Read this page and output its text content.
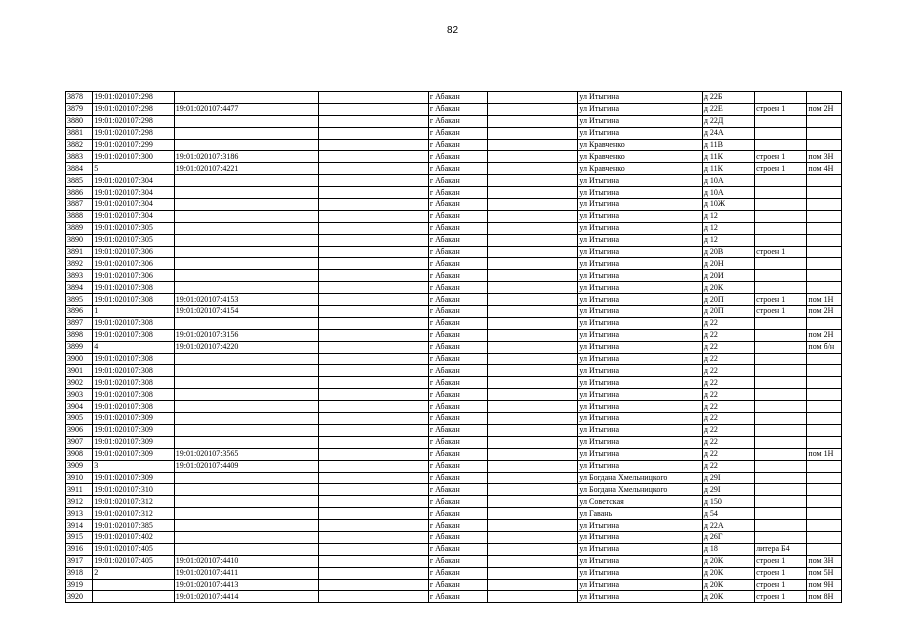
82
3878	19:01:020107:298			г Абакан		ул Итыгина	д 22Б		
3879	19:01:020107:298	19:01:020107:4477		г Абакан		ул Итыгина	д 22Е	строен 1	пом 2Н
3880	19:01:020107:298			г Абакан		ул Итыгина	д 22Д		
3881	19:01:020107:298			г Абакан		ул Итыгина	д 24А		
3882	19:01:020107:299			г Абакан		ул Кравченко	д 11В		
3883	19:01:020107:300	19:01:020107:3186		г Абакан		ул Кравченко	д 11К	строен 1	пом 3Н
3884	5	19:01:020107:4221		г Абакан		ул Кравченко	д 11К	строен 1	пом 4Н
3885	19:01:020107:304			г Абакан		ул Итыгина	д 10А		
3886	19:01:020107:304			г Абакан		ул Итыгина	д 10А		
3887	19:01:020107:304			г Абакан		ул Итыгина	д 10Ж		
3888	19:01:020107:304			г Абакан		ул Итыгина	д 12		
3889	19:01:020107:305			г Абакан		ул Итыгина	д 12		
3890	19:01:020107:305			г Абакан		ул Итыгина	д 12		
3891	19:01:020107:306			г Абакан		ул Итыгина	д 20В	строен 1	
3892	19:01:020107:306			г Абакан		ул Итыгина	д 20Н		
3893	19:01:020107:306			г Абакан		ул Итыгина	д 20И		
3894	19:01:020107:308			г Абакан		ул Итыгина	д 20К		
3895	19:01:020107:308	19:01:020107:4153		г Абакан		ул Итыгина	д 20П	строен 1	пом 1Н
3896	1	19:01:020107:4154		г Абакан		ул Итыгина	д 20П	строен 1	пом 2Н
3897	19:01:020107:308			г Абакан		ул Итыгина	д 22		
3898	19:01:020107:308	19:01:020107:3156		г Абакан		ул Итыгина	д 22		пом 2Н
3899	4	19:01:020107:4220		г Абакан		ул Итыгина	д 22		пом б/н
3900	19:01:020107:308			г Абакан		ул Итыгина	д 22		
3901	19:01:020107:308			г Абакан		ул Итыгина	д 22		
3902	19:01:020107:308			г Абакан		ул Итыгина	д 22		
3903	19:01:020107:308			г Абакан		ул Итыгина	д 22		
3904	19:01:020107:308			г Абакан		ул Итыгина	д 22		
3905	19:01:020107:309			г Абакан		ул Итыгина	д 22		
3906	19:01:020107:309			г Абакан		ул Итыгина	д 22		
3907	19:01:020107:309			г Абакан		ул Итыгина	д 22		
3908	19:01:020107:309	19:01:020107:3565		г Абакан		ул Итыгина	д 22		пом 1Н
3909	3	19:01:020107:4409		г Абакан		ул Итыгина	д 22		
3910	19:01:020107:309			г Абакан		ул Богдана Хмельницкого	д 29І		
3911	19:01:020107:310			г Абакан		ул Богдана Хмельницкого	д 29І		
3912	19:01:020107:312			г Абакан		ул Советская	д 150		
3913	19:01:020107:312			г Абакан		ул Гавань	д 54		
3914	19:01:020107:385			г Абакан		ул Итыгина	д 22А		
3915	19:01:020107:402			г Абакан		ул Итыгина	д 26Г		
3916	19:01:020107:405			г Абакан		ул Итыгина	д 18	литера Б4	
3917	19:01:020107:405	19:01:020107:4410		г Абакан		ул Итыгина	д 20К	строен 1	пом 3Н
3918	2	19:01:020107:4411		г Абакан		ул Итыгина	д 20К	строен 1	пом 5Н
3919		19:01:020107:4413		г Абакан		ул Итыгина	д 20К	строен 1	пом 9Н
3920		19:01:020107:4414		г Абакан		ул Итыгина	д 20К	строен 1	пом 8Н
